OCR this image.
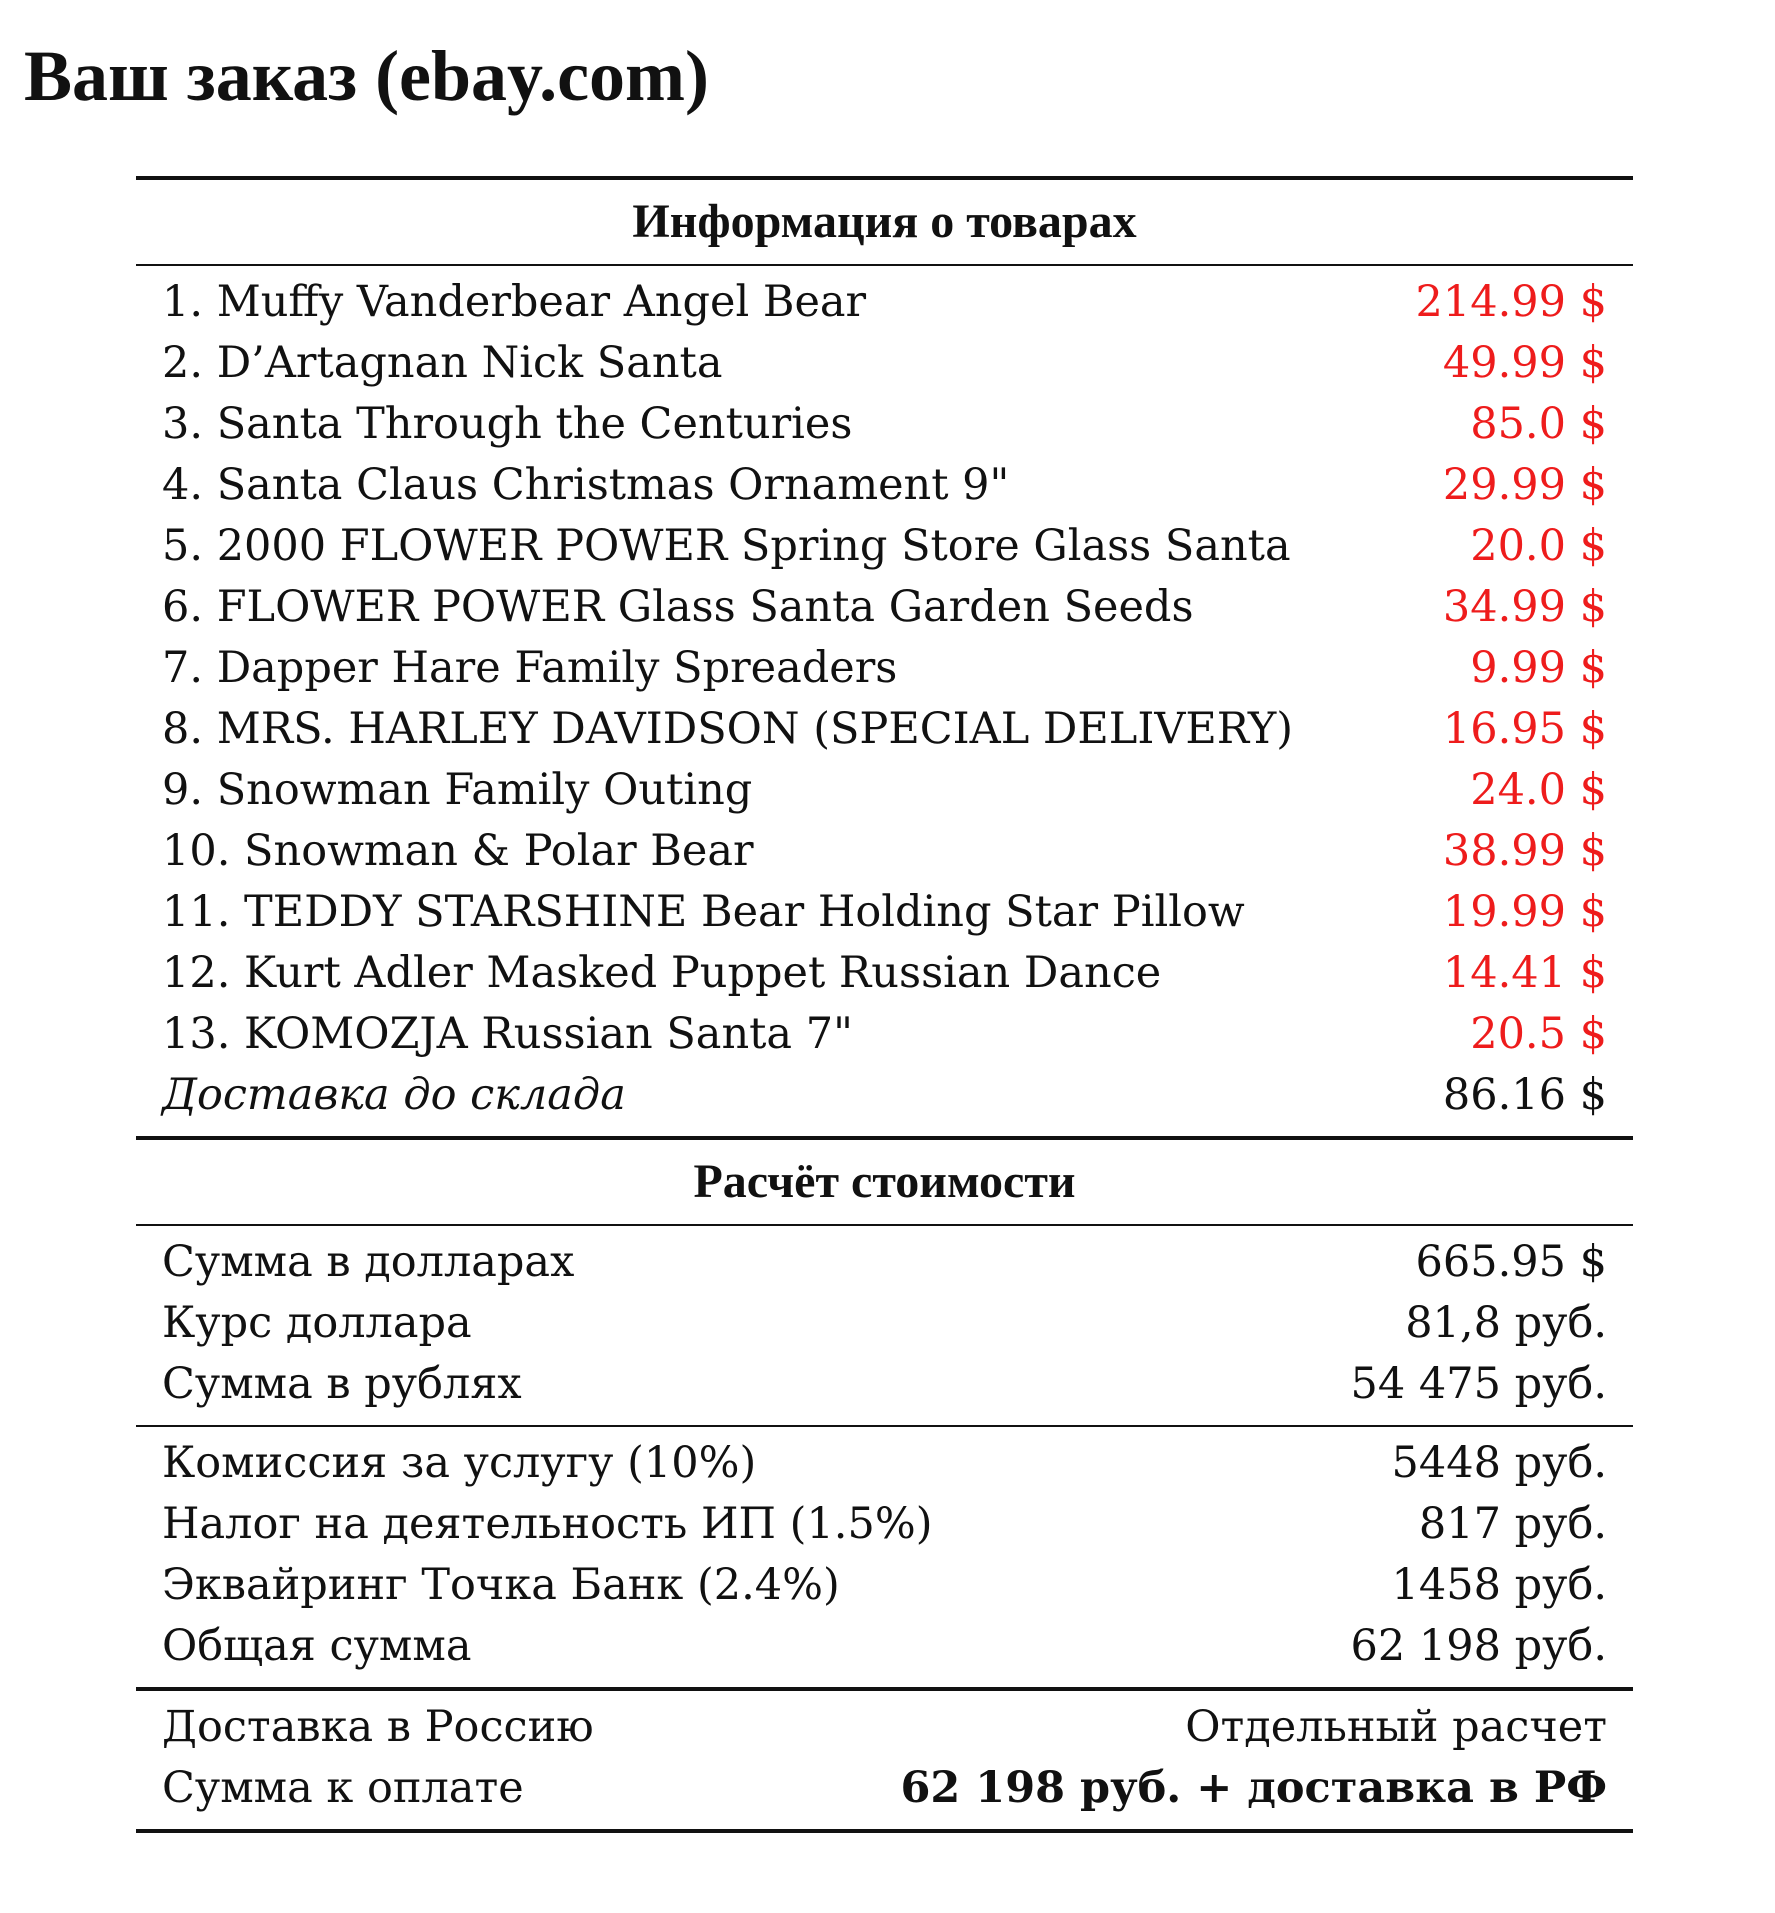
Ваш заказ (ebay.com)
Информация о товарах
1. Muffy Vanderbear Angel Bear	214.99 $
2. D’Artagnan Nick Santa	49.99 $
3. Santa Through the Centuries	85.0 $
4. Santa Claus Christmas Ornament 9"	29.99 $
5. 2000 FLOWER POWER Spring Store Glass Santa	20.0 $
6. FLOWER POWER Glass Santa Garden Seeds	34.99 $
7. Dapper Hare Family Spreaders	9.99 $
8. MRS. HARLEY DAVIDSON (SPECIAL DELIVERY)	16.95 $
9. Snowman Family Outing	24.0 $
10. Snowman & Polar Bear	38.99 $
11. TEDDY STARSHINE Bear Holding Star Pillow	19.99 $
12. Kurt Adler Masked Puppet Russian Dance	14.41 $
13. KOMOZJA Russian Santa 7"	20.5 $
Доставка до склада	86.16 $
Расчёт стоимости
Сумма в долларах	665.95 $
Курс доллара	81,8 руб.
Сумма в рублях	54 475 руб.
Комиссия за услугу (10%)	5448 руб.
Налог на деятельность ИП (1.5%)	817 руб.
Эквайринг Точка Банк (2.4%)	1458 руб.
Общая сумма	62 198 руб.
Доставка в Россию	Отдельный расчет
Сумма к оплате	62 198 руб. + доставка в РФ
